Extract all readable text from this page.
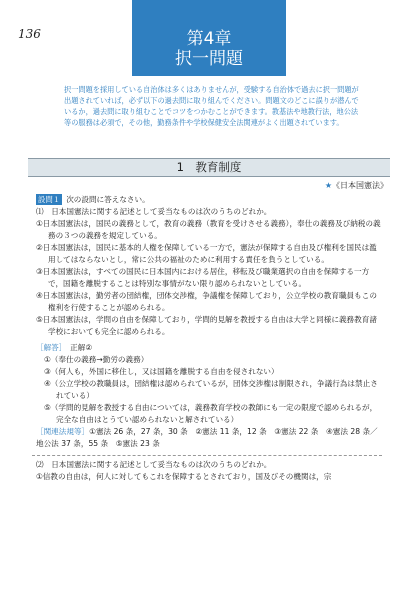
136	第4章
択一問題

択一問題を採用している自治体は多くはありませんが，受験する自治体で過去に択一問題が出題されていれば，必ず以下の過去問に取り組んでください。問題文のどこに誤りが潜んでいるか，過去問に取り組むことでコツをつかむことができます。教基法や地教行法，地公法等の服務は必須で，その他，勤務条件や学校保健安全法関連がよく出題されています。

1　 教育制度
★《日本国憲法》
設問１ 次の設問に答えなさい。
⑴　 日本国憲法に関する記述として妥当なものは次のうちのどれか。
①日本国憲法は，国民の義務として，教育の義務（教育を受けさせる義務），奉仕の義務及び納税の義務の３つの義務を規定している。
②日本国憲法は，国民に基本的人権を保障している一方で，憲法が保障する自由及び権利を国民は濫用してはならないとし，常に公共の福祉のために利用する責任を負うとしている。
③日本国憲法は，すべての国民に日本国内における居住，移転及び職業選択の自由を保障する一方で，国籍を離脱することは特別な事情がない限り認められないとしている。
④日本国憲法は，勤労者の団結権，団体交渉権，争議権を保障しており，公立学校の教育職員もこの権利を行使することが認められる。
⑤日本国憲法は，学問の自由を保障しており，学問的見解を教授する自由は大学と同様に義務教育諸学校においても完全に認められる。
［解答］　 正解②
①（奉仕の義務→勤労の義務）
③（何人も，外国に移住し，又は国籍を離脱する自由を侵されない）
④（公立学校の教職員は，団結権は認められているが，団体交渉権は制限され，争議行為は禁止されている）
⑤（学問的見解を教授する自由については，義務教育学校の教師にも一定の限度で認められるが，完全な自由はとうてい認められないと解されている）
［関連法規等］①憲法 26 条，27 条，30 条　②憲法 11 条，12 条　③憲法 22 条　④憲法 28 条／地公法 37 条，55 条　⑤憲法 23 条
⑵　 日本国憲法に関する記述として妥当なものは次のうちのどれか。
①信教の自由は，何人に対してもこれを保障するとされており，国及びその機関は，宗
